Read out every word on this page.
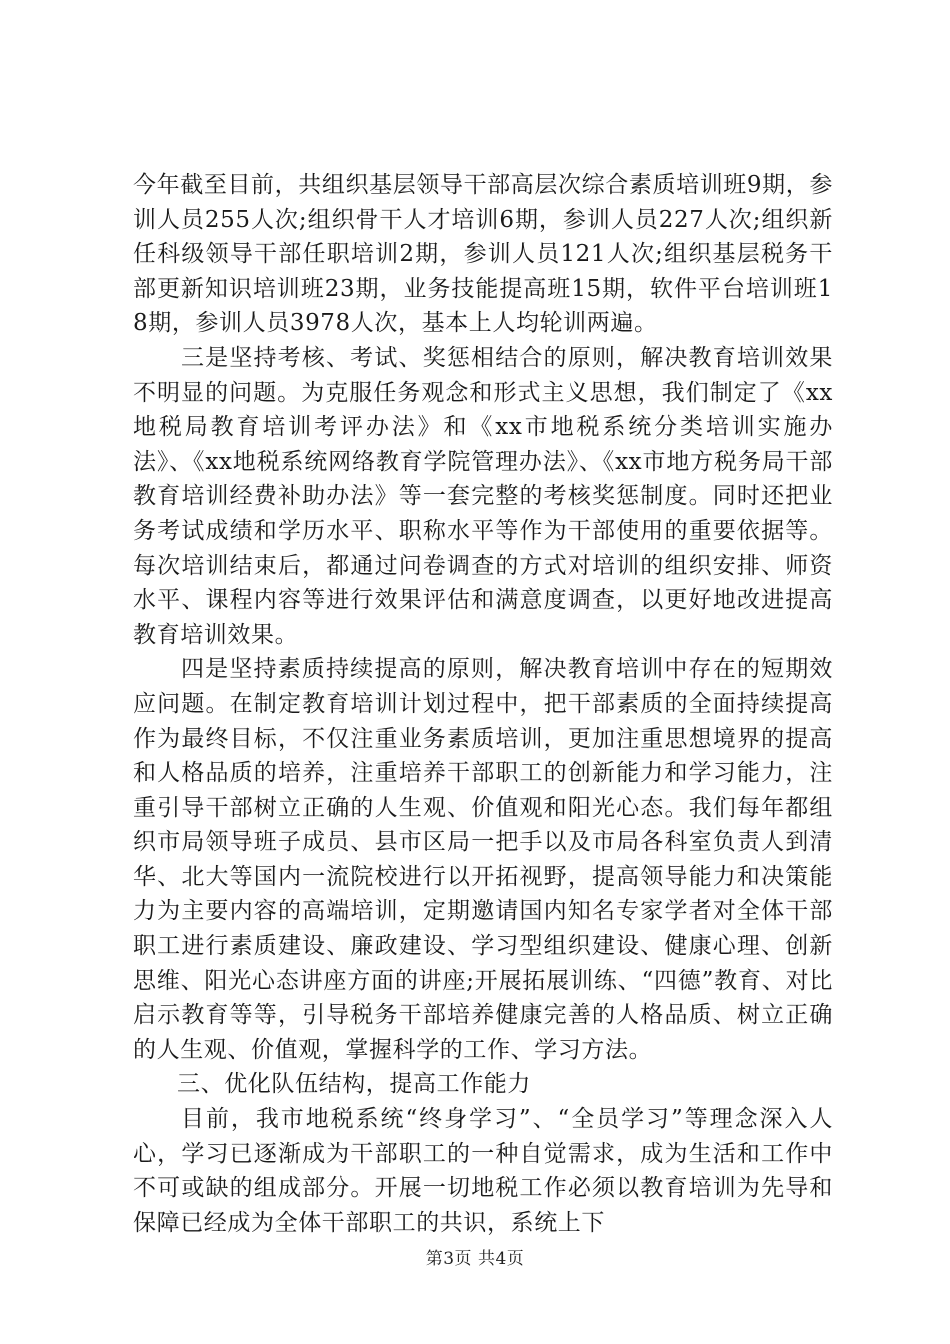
今年截至目前，共组织基层领导干部高层次综合素质培训班9期，参训人员255人次;组织骨干人才培训6期，参训人员227人次;组织新任科级领导干部任职培训2期，参训人员121人次;组织基层税务干部更新知识培训班23期，业务技能提高班15期，软件平台培训班18期，参训人员3978人次，基本上人均轮训两遍。

三是坚持考核、考试、奖惩相结合的原则，解决教育培训效果不明显的问题。为克服任务观念和形式主义思想，我们制定了《xx地税局教育培训考评办法》和《xx市地税系统分类培训实施办法》、《xx地税系统网络教育学院管理办法》、《xx市地方税务局干部教育培训经费补助办法》等一套完整的考核奖惩制度。同时还把业务考试成绩和学历水平、职称水平等作为干部使用的重要依据等。每次培训结束后，都通过问卷调查的方式对培训的组织安排、师资水平、课程内容等进行效果评估和满意度调查，以更好地改进提高教育培训效果。

四是坚持素质持续提高的原则，解决教育培训中存在的短期效应问题。在制定教育培训计划过程中，把干部素质的全面持续提高作为最终目标，不仅注重业务素质培训，更加注重思想境界的提高和人格品质的培养，注重培养干部职工的创新能力和学习能力，注重引导干部树立正确的人生观、价值观和阳光心态。我们每年都组织市局领导班子成员、县市区局一把手以及市局各科室负责人到清华、北大等国内一流院校进行以开拓视野，提高领导能力和决策能力为主要内容的高端培训，定期邀请国内知名专家学者对全体干部职工进行素质建设、廉政建设、学习型组织建设、健康心理、创新思维、阳光心态讲座方面的讲座;开展拓展训练、“四德”教育、对比启示教育等等，引导税务干部培养健康完善的人格品质、树立正确的人生观、价值观，掌握科学的工作、学习方法。

三、优化队伍结构，提高工作能力

目前，我市地税系统“终身学习”、“全员学习”等理念深入人心，学习已逐渐成为干部职工的一种自觉需求，成为生活和工作中不可或缺的组成部分。开展一切地税工作必须以教育培训为先导和保障已经成为全体干部职工的共识，系统上下

第3页 共4页
